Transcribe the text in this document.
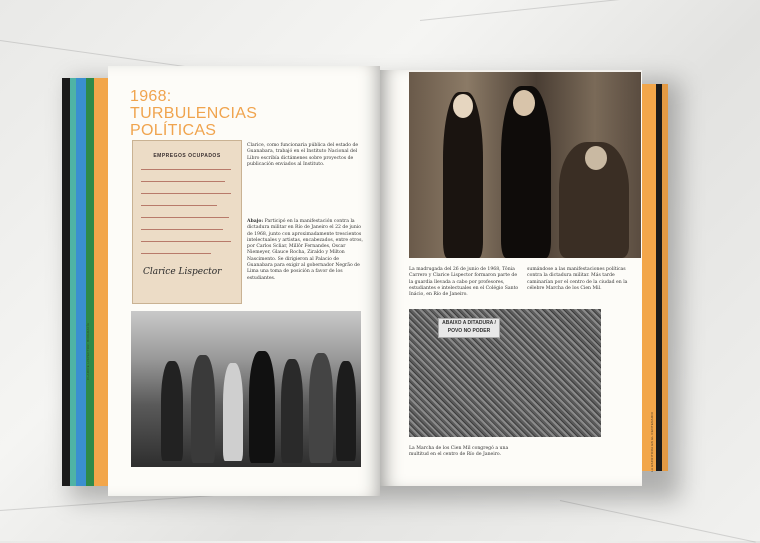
1968:
TURBULENCIAS
POLÍTICAS
EMPREGOS OCUPADOS
Clarice Lispector
Clarice, como funcionaria pública del estado de Guanabara, trabajó en el Instituto Nacional del Libro escribía dictámenes sobre proyectos de publicación enviados al Instituto.
Abajo: Participó en la manifestación contra la dictadura militar en Río de Janeiro el 22 de junio de 1968, junto con aproximadamente trescientos intelectuales y artistas, encabezados, entre otros, por Carlos Scliar, Millôr Fernandes, Oscar Niemeyer, Glauce Rocha, Ziraldo y Milton Nascimento. Se dirigieron al Palacio de Guanabara para exigir al gobernador Negrão de Lima una toma de posición a favor de los estudiantes.
CLARICE LISPECTOR: BIOGRAFÍA
La madrugada del 26 de junio de 1968, Tônia Carrero y Clarice Lispector formaron parte de la guardia llevada a cabo por profesores, estudiantes e intelectuales en el Colégio Santo Inácio, en Río de Janeiro.
sumándose a las manifestaciones políticas contra la dictadura militar. Más tarde caminarían por el centro de la ciudad en la célebre Marcha de los Cien Mil.
ABAIXO A DITADURA / POVO NO PODER
La Marcha de los Cien Mil congregó a una multitud en el centro de Río de Janeiro.	LA ESCRITORA EN EL CENTENARIO
